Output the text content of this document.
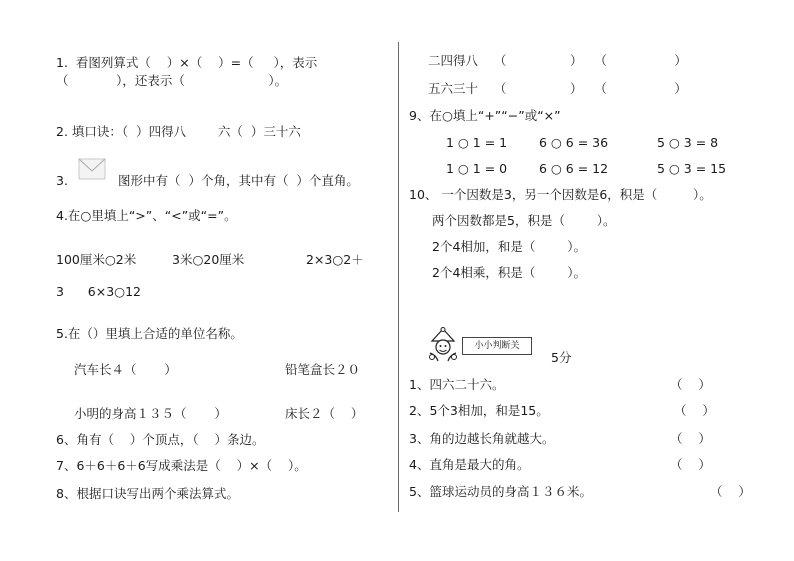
1.  看图列算式（    ）×（    ）=（     ），表示
（            ），还表示（                     ）。
2. 填口诀：（  ）四得八        六（  ）三十六
3.	图形中有（  ）个角，其中有（  ）个直角。
4.在○里填上“>”、“<”或“=”。
100厘米○2米	3米○20厘米	2×3○2＋
3      6×3○12
5.在（）里填上合适的单位名称。
汽车长４（       ）	铅笔盒长２０
小明的身高１３５（       ）	床长２（    ）
6、角有（    ）个顶点，（    ）条边。
7、6＋6＋6＋6写成乘法是（    ）×（    ）。
8、根据口诀写出两个乘法算式。
二四得八    （                ）   （                 ）
五六三十    （                ）   （                 ）
9、在○填上“+”“−”或“×”
1 ○ 1 = 1	6 ○ 6 = 36	5 ○ 3 = 8
1 ○ 1 = 0	6 ○ 6 = 12	5 ○ 3 = 15
10、 一个因数是3，另一个因数是6，积是（         ）。
两个因数都是5，积是（        ）。
2个4相加，和是（        ）。
2个4相乘，积是（        ）。
小小判断关
5分
1、四六二十六。	（    ）
2、5个3相加，和是15。	（    ）
3、角的边越长角就越大。	（    ）
4、直角是最大的角。	（    ）
5、篮球运动员的身高１３６米。	（    ）
